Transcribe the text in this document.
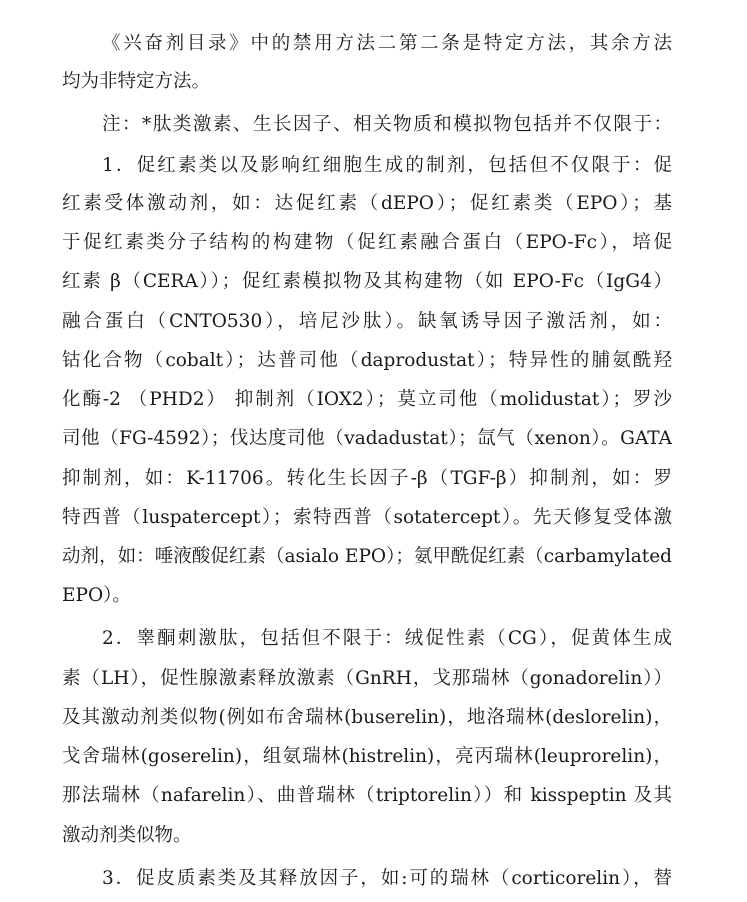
《兴奋剂目录》中的禁用方法二第二条是特定方法，其余方法
均为非特定方法。
注：*肽类激素、生长因子、相关物质和模拟物包括并不仅限于：
1．促红素类以及影响红细胞生成的制剂，包括但不仅限于：促
红素受体激动剂，如：达促红素（dEPO）；促红素类（EPO）；基
于促红素类分子结构的构建物（促红素融合蛋白（EPO-Fc），培促
红素 β（CERA））；促红素模拟物及其构建物（如 EPO-Fc（IgG4）
融合蛋白（CNTO530），培尼沙肽）。缺氧诱导因子激活剂，如：
钴化合物（cobalt）；达普司他（daprodustat）；特异性的脯氨酰羟
化酶-2 （PHD2） 抑制剂（IOX2）；莫立司他（molidustat）；罗沙
司他（FG-4592）；伐达度司他（vadadustat）；氙气（xenon）。GATA
抑制剂，如：K-11706。转化生长因子-β（TGF-β）抑制剂，如：罗
特西普（luspatercept）；索特西普（sotatercept）。先天修复受体激
动剂，如：唾液酸促红素（asialo EPO）；氨甲酰促红素（carbamylated
EPO）。
2．睾酮刺激肽，包括但不限于：绒促性素（CG），促黄体生成
素（LH），促性腺激素释放激素（GnRH，戈那瑞林（gonadorelin））
及其激动剂类似物(例如布舍瑞林(buserelin)，地洛瑞林(deslorelin)，
戈舍瑞林(goserelin)，组氨瑞林(histrelin)，亮丙瑞林(leuprorelin)，
那法瑞林（nafarelin）、曲普瑞林（triptorelin））和 kisspeptin 及其
激动剂类似物。
3．促皮质素类及其释放因子，如:可的瑞林（corticorelin），替
